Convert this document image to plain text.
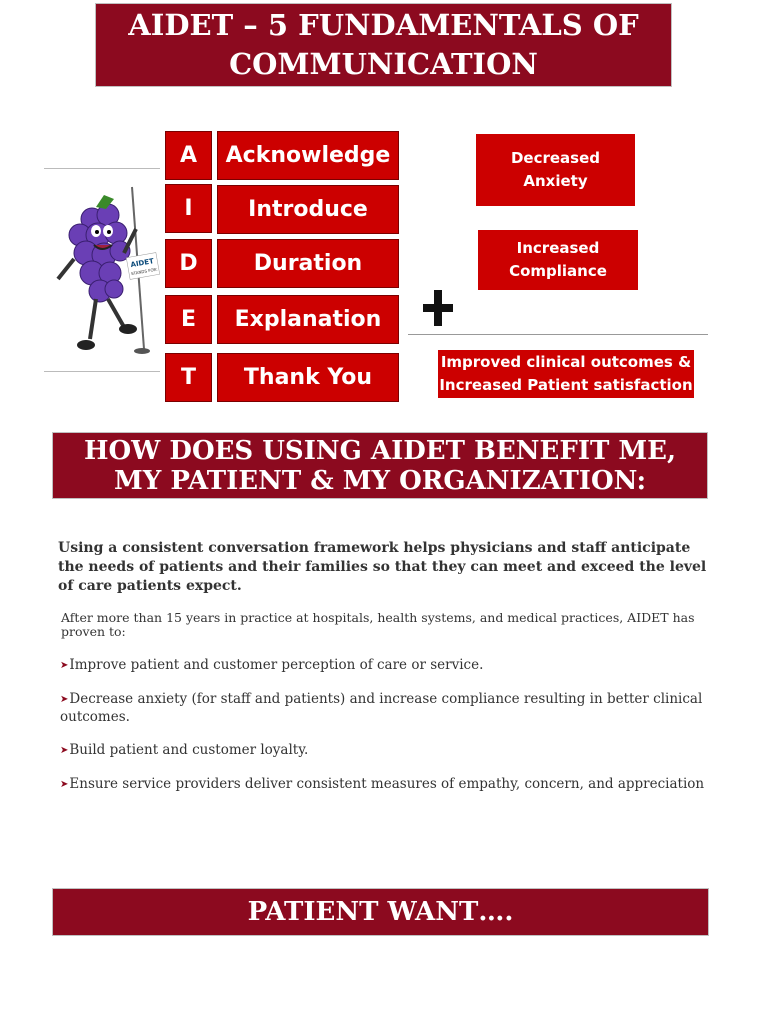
AIDET – 5 FUNDAMENTALS OF
COMMUNICATION
AIDET
STANDS FOR:
A	Acknowledge
I	Introduce
D	Duration
E	Explanation
T	Thank You
Decreased
Anxiety
Increased
Compliance
Improved clinical outcomes &
Increased Patient satisfaction
HOW DOES USING AIDET BENEFIT ME,
MY PATIENT & MY ORGANIZATION:
Using a consistent conversation framework helps physicians and staff anticipate the needs of patients and their families so that they can meet and exceed the level of care patients expect.
After more than 15 years in practice at hospitals, health systems, and medical practices, AIDET has proven to:
➤Improve patient and customer perception of care or service.
➤Decrease anxiety (for staff and patients) and increase compliance resulting in better clinical outcomes.
➤Build patient and customer loyalty.
➤Ensure service providers deliver consistent measures of empathy, concern, and appreciation
PATIENT WANT….
